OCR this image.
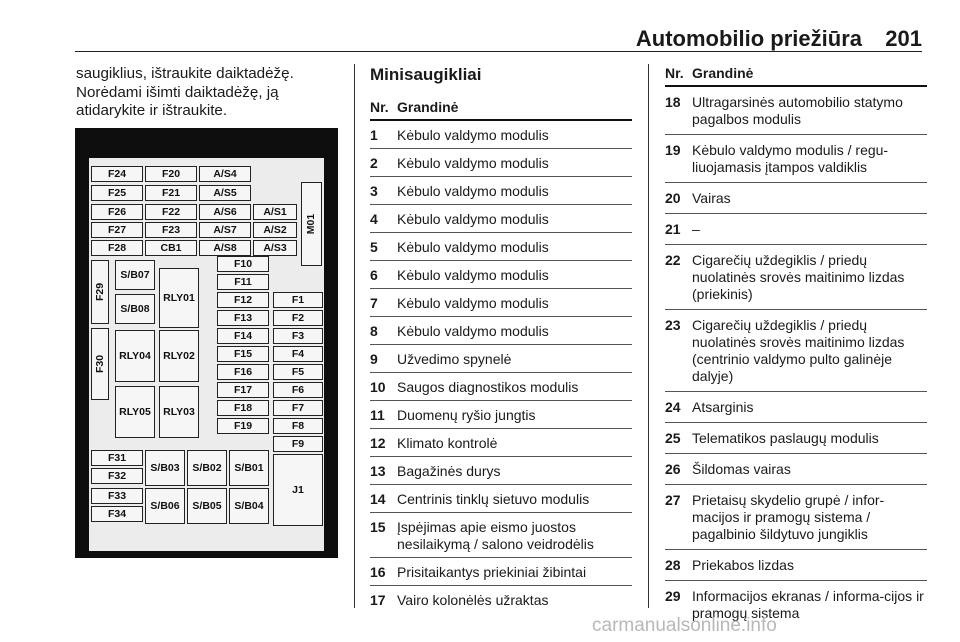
Automobilio priežiūra 201
saugiklius, ištraukite daiktadėžę. Norėdami išimti daiktadėžę, ją atidarykite ir ištraukite.
F24	F20	A/S4
F25	F21	A/S5
F26	F22	A/S6	A/S1
F27	F23	A/S7	A/S2
F28	CB1	A/S8	A/S3
M01
F29
S/B07
S/B08
RLY01
F10
F11
F12	F1
F13	F2
F30 RLY04 RLY02
F14	F3
F15	F4
F16	F5
RLY05 RLY03
F17	F6
F18	F7
F19	F8
F9
F31
F32
S/B03 S/B02 S/B01
F33
F34
S/B06 S/B05 S/B04
J1
Minisaugikliai
Nr. Grandinė
1	Kėbulo valdymo modulis
2	Kėbulo valdymo modulis
3	Kėbulo valdymo modulis
4	Kėbulo valdymo modulis
5	Kėbulo valdymo modulis
6	Kėbulo valdymo modulis
7	Kėbulo valdymo modulis
8	Kėbulo valdymo modulis
9	Užvedimo spynelė
10 Saugos diagnostikos modulis
11 Duomenų ryšio jungtis
12 Klimato kontrolė
13 Bagažinės durys
14 Centrinis tinklų sietuvo modulis
15 Įspėjimas apie eismo juostos nesilaikymą / salono veidrodėlis
16 Prisitaikantys priekiniai žibintai
17 Vairo kolonėlės užraktas
Nr. Grandinė
18 Ultragarsinės automobilio statymo pagalbos modulis
19 Kėbulo valdymo modulis / regu-liuojamasis įtampos valdiklis
20 Vairas
21 –
22 Cigarečių uždegiklis / priedų nuolatinės srovės maitinimo lizdas (priekinis)
23 Cigarečių uždegiklis / priedų nuolatinės srovės maitinimo lizdas (centrinio valdymo pulto galinėje dalyje)
24 Atsarginis
25 Telematikos paslaugų modulis
26 Šildomas vairas
27 Prietaisų skydelio grupė / infor-macijos ir pramogų sistema / pagalbinio šildytuvo jungiklis
28 Priekabos lizdas
29 Informacijos ekranas / informa-cijos ir pramogų sistema
carmanualsonline.info
